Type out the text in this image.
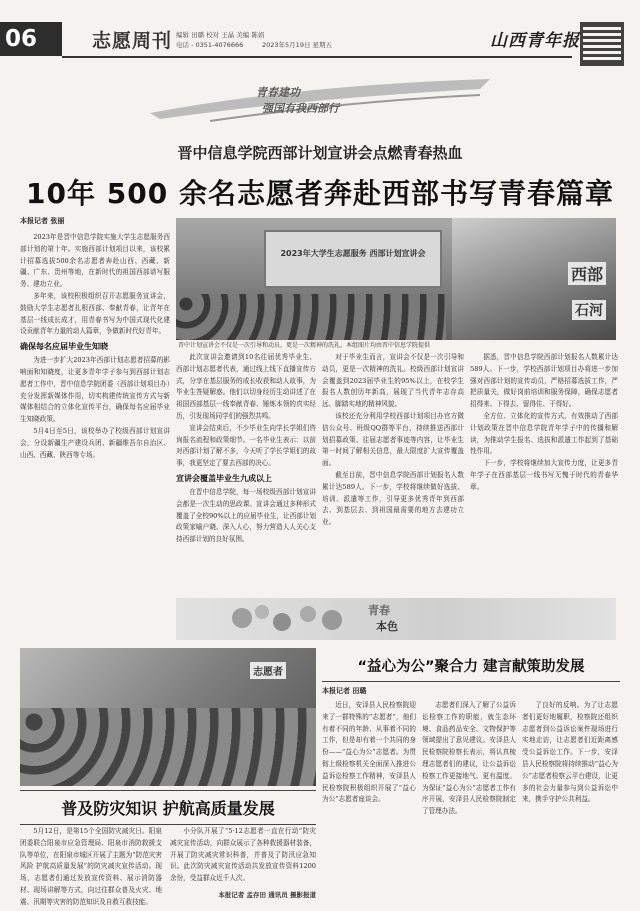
06	志愿周刊 编辑 田璐 校对 王晶 美编 陈娟
电话 - 0351-4076666	2023年5月19日 星期五	山西青年报
青春建功
强国有我西部行
晋中信息学院西部计划宣讲会点燃青春热血
10年 500 余名志愿者奔赴西部书写青春篇章
本报记者 张丽

2023年是晋中信息学院实施大学生志愿服务西部计划的第十年。实施西部计划项目以来，该校累计招募选拔500余名志愿者奔赴山西、西藏、新疆、广东、贵州等地，在新时代的祖国西部谱写服务、建功立业。

多年来，该校积极组织召开志愿服务宣讲会，鼓励大学生志愿者扎根西部、奉献青春，让青年在基层一线成长成才，用青春书写为中国式现代化建设贡献青年力量的动人篇章，争做新时代好青年。

确保每名应届毕业生知晓

为进一步扩大2023年西部计划志愿者招募的影响面和知晓度，让更多青年学子参与到西部计划志愿者工作中，晋中信息学院团委（西部计划项目办）充分发挥新媒体作用，切实构建传统宣传方式与新媒体相结合的立体化宣传平台，确保每名应届毕业生知晓政策。

5月4日至5日，该校举办了校级西部计划宣讲会，分设新疆生产建设兵团、新疆维吾尔自治区、山西、西藏、陕西等专场。

2023年大学生志愿服务 西部计划宣讲会
西部
石河
晋中计划宣讲会不仅是一次引导和动员，更是一次精神的洗礼。本组图片均由晋中信息学院提供

此次宣讲会邀请到10名往届优秀毕业生、西部计划志愿者代表，通过线上线下直播宣传方式，分享在基层服务的成长收获和动人故事，为毕业生答疑解惑。他们以切身经历生动讲述了在祖国西部基层一线奉献青春、锤炼本领的真实经历，引发现场同学们的强烈共鸣。

宣讲会结束后，不少毕业生向学长学姐们咨询报名流程和政策细节。一名毕业生表示：以前对西部计划了解不多，今天听了学长学姐们的故事，我更坚定了要去西部的决心。

宣讲会覆盖毕业生九成以上

在晋中信息学院，每一场校级西部计划宣讲会都是一次生动的思政课。宣讲会通过多种形式覆盖了全校90%以上的应届毕业生，让西部计划政策家喻户晓、深入人心，努力营造人人关心支持西部计划的良好氛围。

对于毕业生而言，宣讲会不仅是一次引导和动员，更是一次精神的洗礼。校级西部计划宣讲会覆盖到2023届毕业生的95%以上，在校学生报名人数创历年新高，展现了当代青年志存高远、脚踏实地的精神风貌。

该校还充分利用学校西部计划项目办官方微信公众号、班级QQ群等平台，持续推送西部计划招募政策、往届志愿者事迹等内容，让毕业生第一时间了解相关信息，最大限度扩大宣传覆盖面。

截至目前，晋中信息学院西部计划报名人数累计达589人。下一步，学校将继续做好选拔、培训、派遣等工作，引导更多优秀青年到西部去、到基层去、到祖国最需要的地方去建功立业。

据悉，晋中信息学院西部计划报名人数累计达589人。下一步，学校西部计划项目办将进一步加强对西部计划的宣传动员，严格招募选拔工作，严把质量关，做好岗前培训和服务保障，确保志愿者招得来、下得去、留得住、干得好。

全方位、立体化的宣传方式，有效推动了西部计划政策在晋中信息学院青年学子中的传播和解读，为推动学生报名、选拔和派遣工作起到了基础性作用。

下一步，学校将继续加大宣传力度，让更多青年学子在西部基层一线书写无愧于时代的青春华章。

青春
本色
志愿者
普及防灾知识 护航高质量发展

5月12日，是第15个全国防灾减灾日。阳泉团委联合阳泉市应急管理局、阳泉市消防救援支队等单位，在阳泉市城区开展了主题为“防范灾害风险 护航高质量发展”的防灾减灾宣传活动。现场，志愿者们通过发放宣传资料、展示消防器材、现场讲解等方式，向过往群众普及火灾、地震、汛期等灾害的防范知识及自救互救技能。

小分队开展了“5·12志愿者一直在行动”防灾减灾宣传活动，向群众展示了各种救援器材装备，开展了防灾减灾常识科普，并普及了防汛应急知识。此次防灾减灾宣传活动共发放宣传资料1200余份，受益群众近千人次。

本报记者 孟存田 通讯员 摄影报道
“益心为公”聚合力 建言献策助发展
本报记者 田璐

近日，安泽县人民检察院迎来了一群特殊的“志愿者”，他们有着不同的年龄、从事着不同的工作，但是却有着一个共同的身份——“益心为公”志愿者。为贯彻上级检察机关全面深入推进公益诉讼检察工作精神，安泽县人民检察院积极组织开展了“益心为公”志愿者座谈会。

志愿者们深入了解了公益诉讼检察工作的职能，就生态环境、食品药品安全、文物保护等领域提出了意见建议。安泽县人民检察院检察长表示，将认真梳理志愿者们的建议，让公益诉讼检察工作更接地气、更有温度。为保证“益心为公”志愿者工作有序开展，安泽县人民检察院制定了管理办法。

了良好的反响。为了让志愿者们更好地履职，检察院还组织志愿者到公益诉讼案件现场进行实地走访，让志愿者们近距离感受公益诉讼工作。下一步，安泽县人民检察院将持续推动“益心为公”志愿者检察云平台建设，让更多的社会力量参与到公益诉讼中来，携手守护公共利益。
